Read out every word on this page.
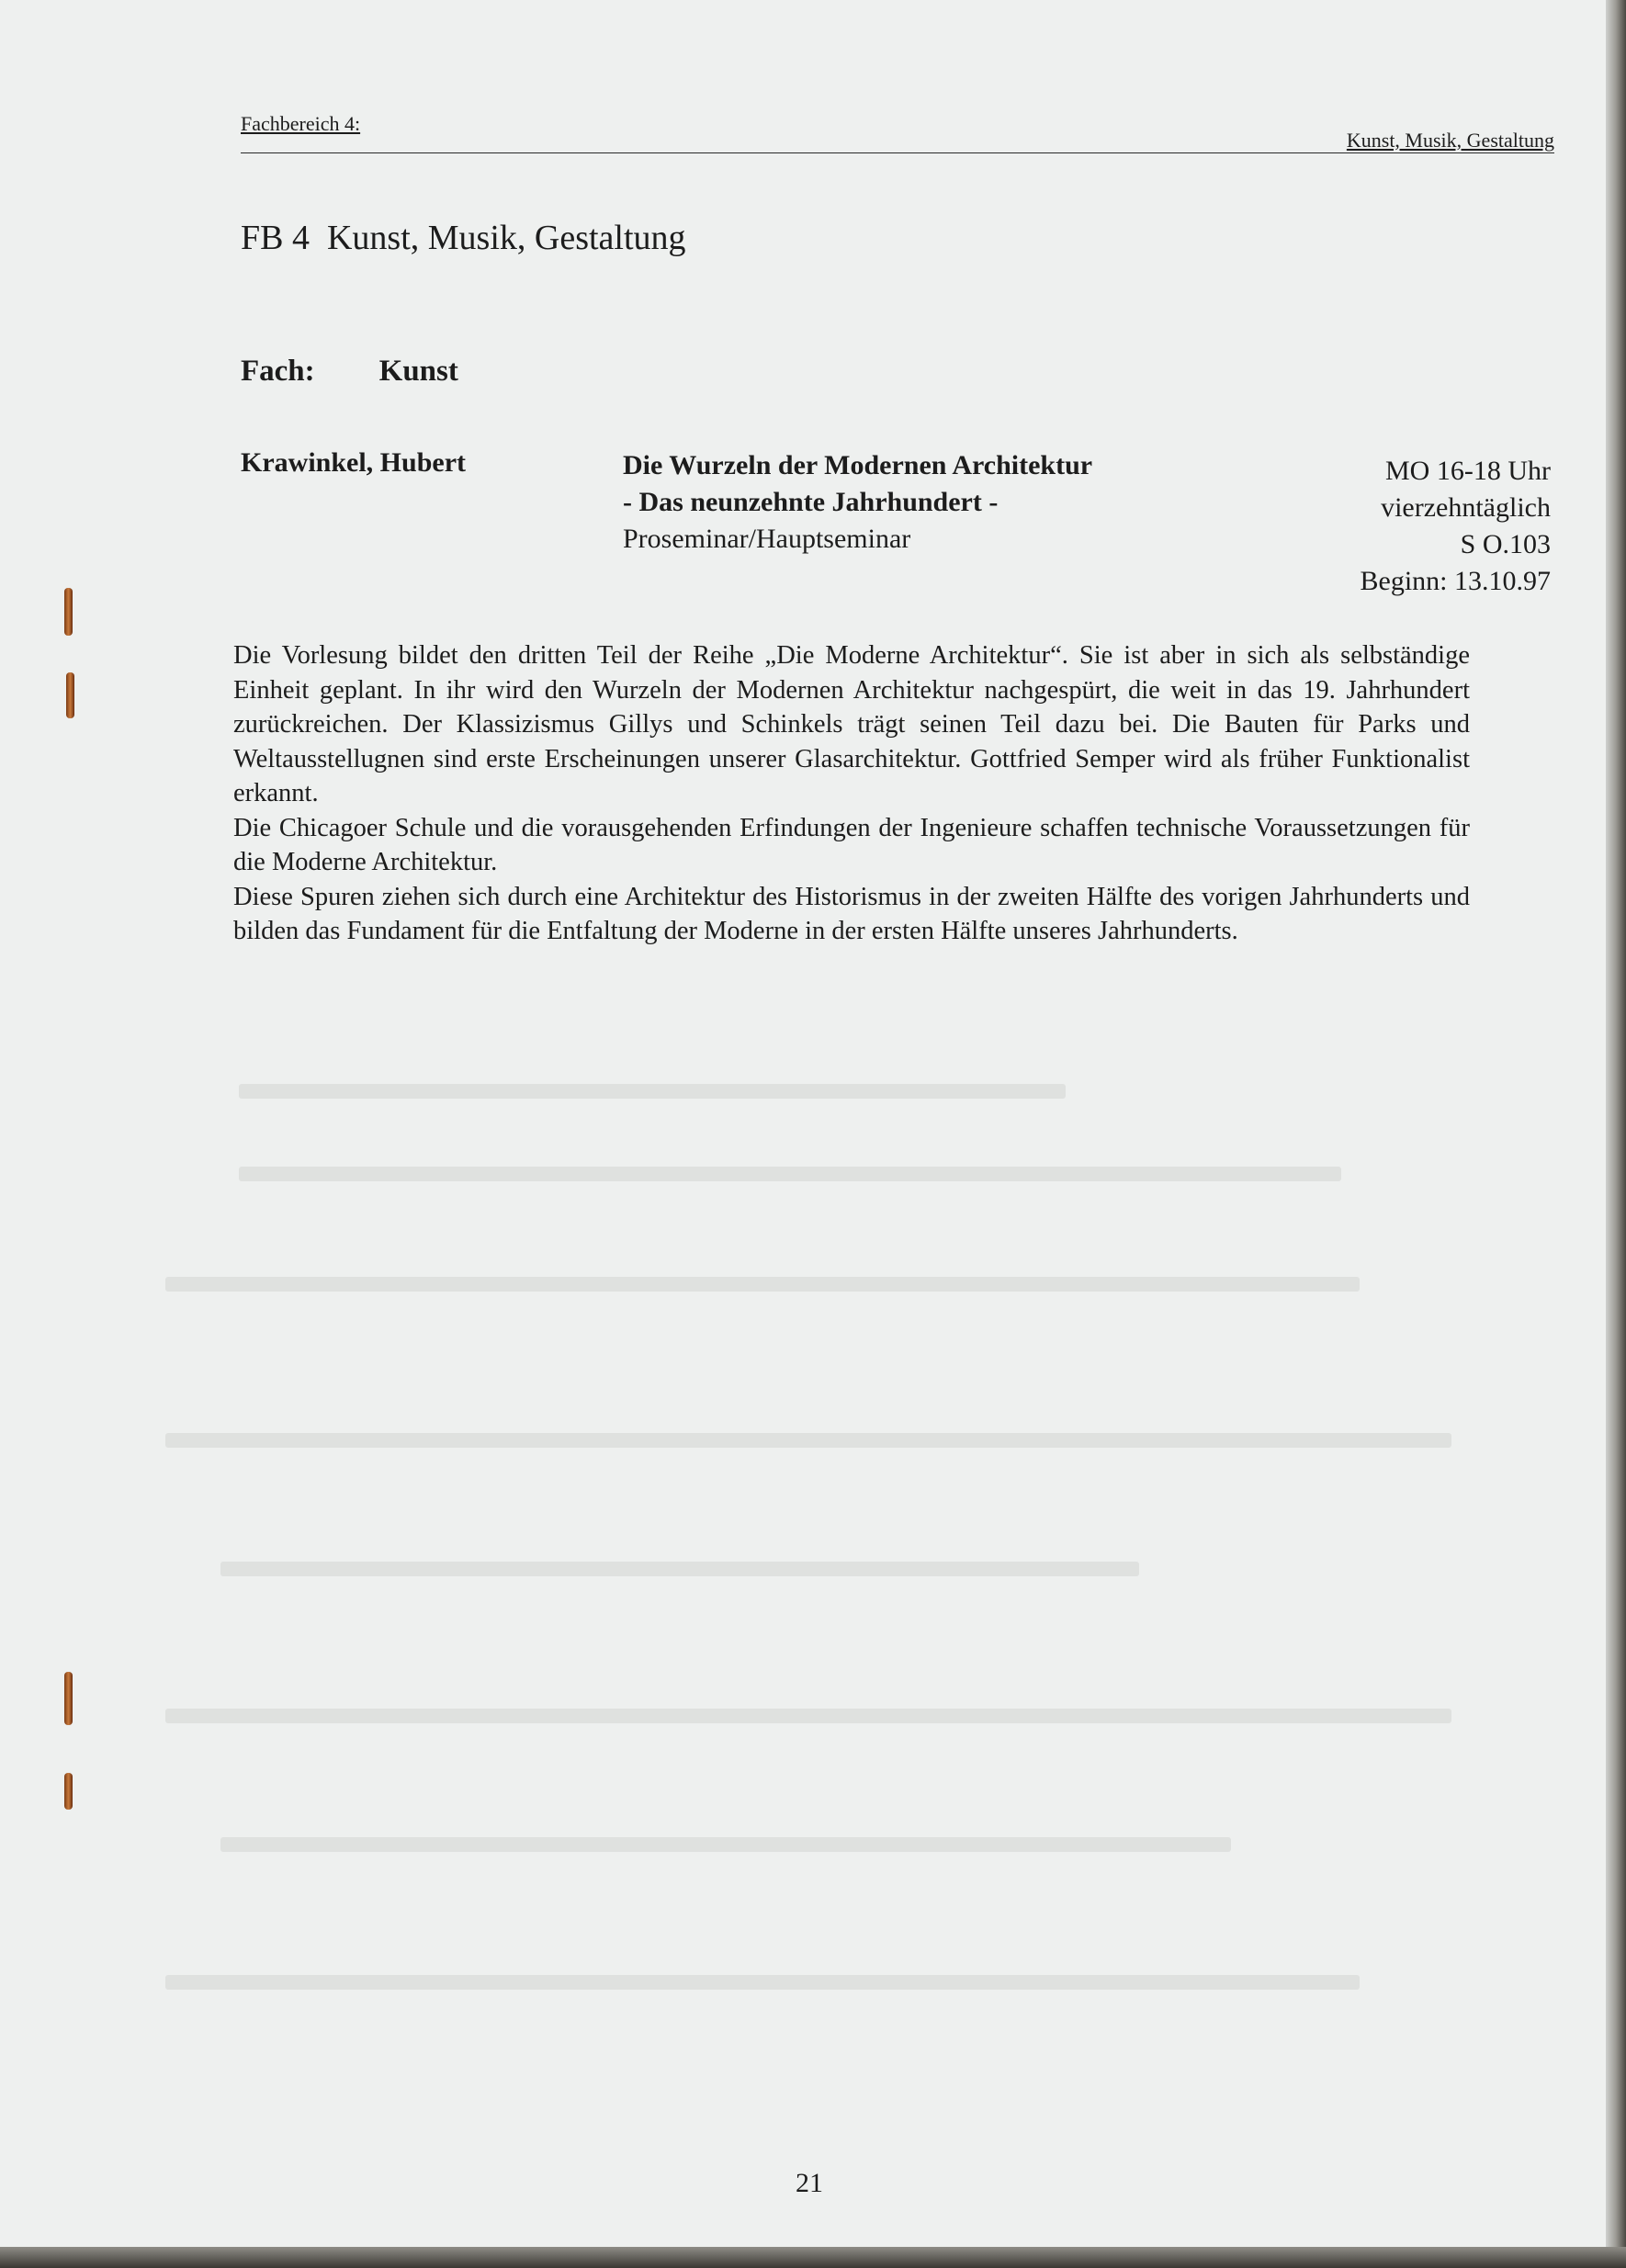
Fachbereich 4:
Kunst, Musik, Gestaltung
FB 4  Kunst, Musik, Gestaltung
Fach: Kunst
Krawinkel, Hubert	Die Wurzeln der Modernen Architektur
- Das neunzehnte Jahrhundert -
Proseminar/Hauptseminar
MO 16-18 Uhr
vierzehntäglich
S O.103
Beginn: 13.10.97

Die Vorlesung bildet den dritten Teil der Reihe „Die Moderne Architektur“. Sie ist aber in sich als selbständige Einheit geplant. In ihr wird den Wurzeln der Modernen Architektur nachgespürt, die weit in das 19. Jahrhundert zurückreichen. Der Klassizismus Gillys und Schinkels trägt seinen Teil dazu bei. Die Bauten für Parks und Weltausstellugnen sind erste Erscheinungen unserer Glasarchitektur. Gottfried Semper wird als früher Funktionalist erkannt.

Die Chicagoer Schule und die vorausgehenden Erfindungen der Ingenieure schaffen technische Voraussetzungen für die Moderne Architektur.

Diese Spuren ziehen sich durch eine Architektur des Historismus in der zweiten Hälfte des vorigen Jahrhunderts und bilden das Fundament für die Entfaltung der Moderne in der ersten Hälfte unseres Jahrhunderts.

21
